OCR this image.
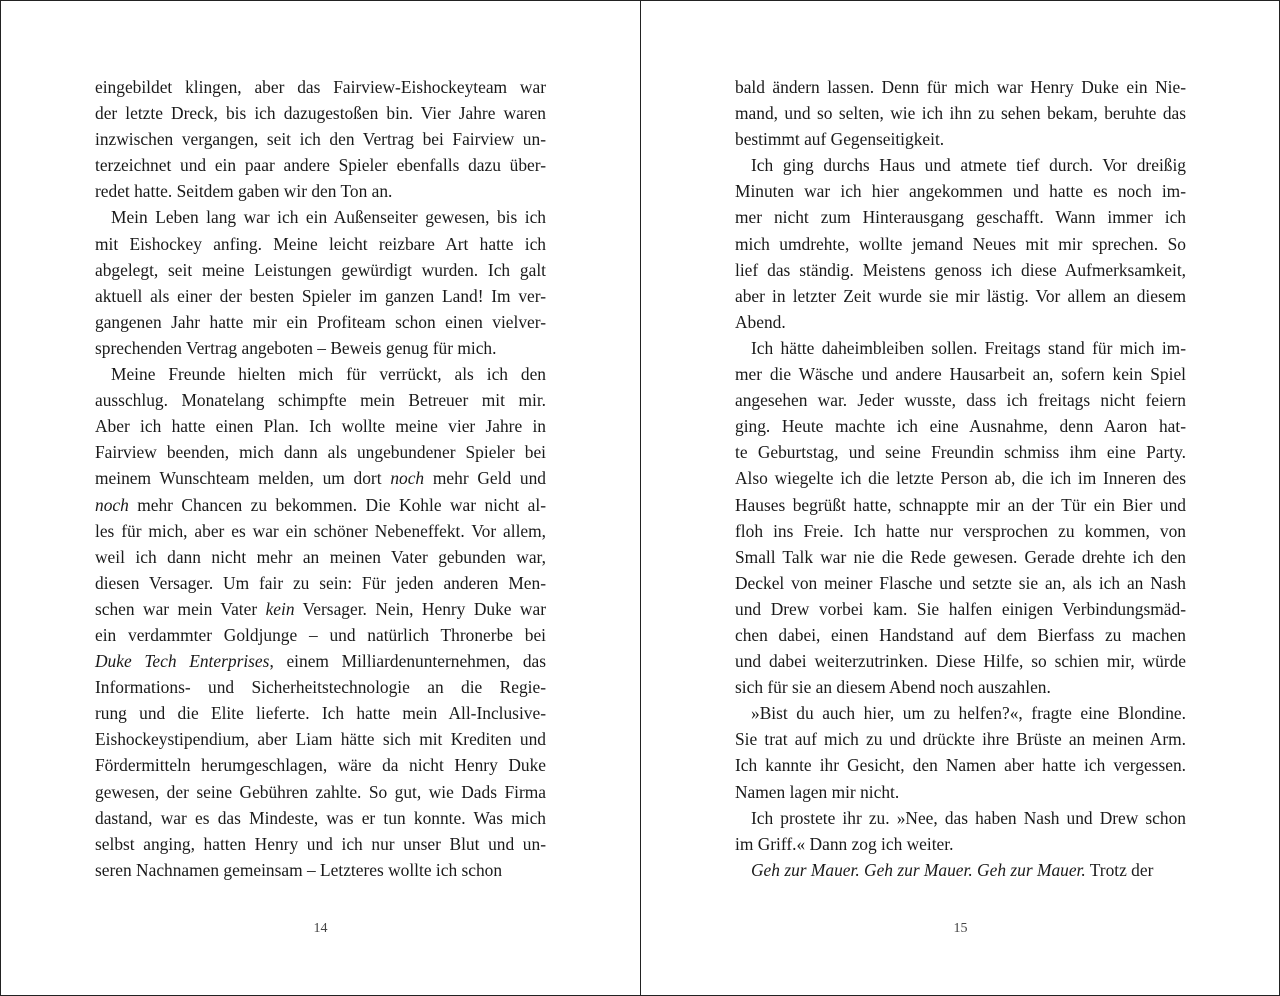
eingebildet klingen, aber das Fairview-Eishockeyteam war
der letzte Dreck, bis ich dazugestoßen bin. Vier Jahre waren
inzwischen vergangen, seit ich den Vertrag bei Fairview un-
terzeichnet und ein paar andere Spieler ebenfalls dazu über-
redet hatte. Seitdem gaben wir den Ton an.
Mein Leben lang war ich ein Außenseiter gewesen, bis ich
mit Eishockey anfing. Meine leicht reizbare Art hatte ich
abgelegt, seit meine Leistungen gewürdigt wurden. Ich galt
aktuell als einer der besten Spieler im ganzen Land! Im ver-
gangenen Jahr hatte mir ein Profiteam schon einen vielver-
sprechenden Vertrag angeboten – Beweis genug für mich.
Meine Freunde hielten mich für verrückt, als ich den
ausschlug. Monatelang schimpfte mein Betreuer mit mir.
Aber ich hatte einen Plan. Ich wollte meine vier Jahre in
Fairview beenden, mich dann als ungebundener Spieler bei
meinem Wunschteam melden, um dort noch mehr Geld und
noch mehr Chancen zu bekommen. Die Kohle war nicht al-
les für mich, aber es war ein schöner Nebeneffekt. Vor allem,
weil ich dann nicht mehr an meinen Vater gebunden war,
diesen Versager. Um fair zu sein: Für jeden anderen Men-
schen war mein Vater kein Versager. Nein, Henry Duke war
ein verdammter Goldjunge – und natürlich Thronerbe bei
Duke Tech Enterprises, einem Milliardenunternehmen, das
Informations- und Sicherheitstechnologie an die Regie-
rung und die Elite lieferte. Ich hatte mein All-Inclusive-
Eishockeystipendium, aber Liam hätte sich mit Krediten und
Fördermitteln herumgeschlagen, wäre da nicht Henry Duke
gewesen, der seine Gebühren zahlte. So gut, wie Dads Firma
dastand, war es das Mindeste, was er tun konnte. Was mich
selbst anging, hatten Henry und ich nur unser Blut und un-
seren Nachnamen gemeinsam – Letzteres wollte ich schon
14
bald ändern lassen. Denn für mich war Henry Duke ein Nie-
mand, und so selten, wie ich ihn zu sehen bekam, beruhte das
bestimmt auf Gegenseitigkeit.
Ich ging durchs Haus und atmete tief durch. Vor dreißig
Minuten war ich hier angekommen und hatte es noch im-
mer nicht zum Hinterausgang geschafft. Wann immer ich
mich umdrehte, wollte jemand Neues mit mir sprechen. So
lief das ständig. Meistens genoss ich diese Aufmerksamkeit,
aber in letzter Zeit wurde sie mir lästig. Vor allem an diesem
Abend.
Ich hätte daheimbleiben sollen. Freitags stand für mich im-
mer die Wäsche und andere Hausarbeit an, sofern kein Spiel
angesehen war. Jeder wusste, dass ich freitags nicht feiern
ging. Heute machte ich eine Ausnahme, denn Aaron hat-
te Geburtstag, und seine Freundin schmiss ihm eine Party.
Also wiegelte ich die letzte Person ab, die ich im Inneren des
Hauses begrüßt hatte, schnappte mir an der Tür ein Bier und
floh ins Freie. Ich hatte nur versprochen zu kommen, von
Small Talk war nie die Rede gewesen. Gerade drehte ich den
Deckel von meiner Flasche und setzte sie an, als ich an Nash
und Drew vorbei kam. Sie halfen einigen Verbindungsmäd-
chen dabei, einen Handstand auf dem Bierfass zu machen
und dabei weiterzutrinken. Diese Hilfe, so schien mir, würde
sich für sie an diesem Abend noch auszahlen.
»Bist du auch hier, um zu helfen?«, fragte eine Blondine.
Sie trat auf mich zu und drückte ihre Brüste an meinen Arm.
Ich kannte ihr Gesicht, den Namen aber hatte ich vergessen.
Namen lagen mir nicht.
Ich prostete ihr zu. »Nee, das haben Nash und Drew schon
im Griff.« Dann zog ich weiter.
Geh zur Mauer. Geh zur Mauer. Geh zur Mauer. Trotz der
15
